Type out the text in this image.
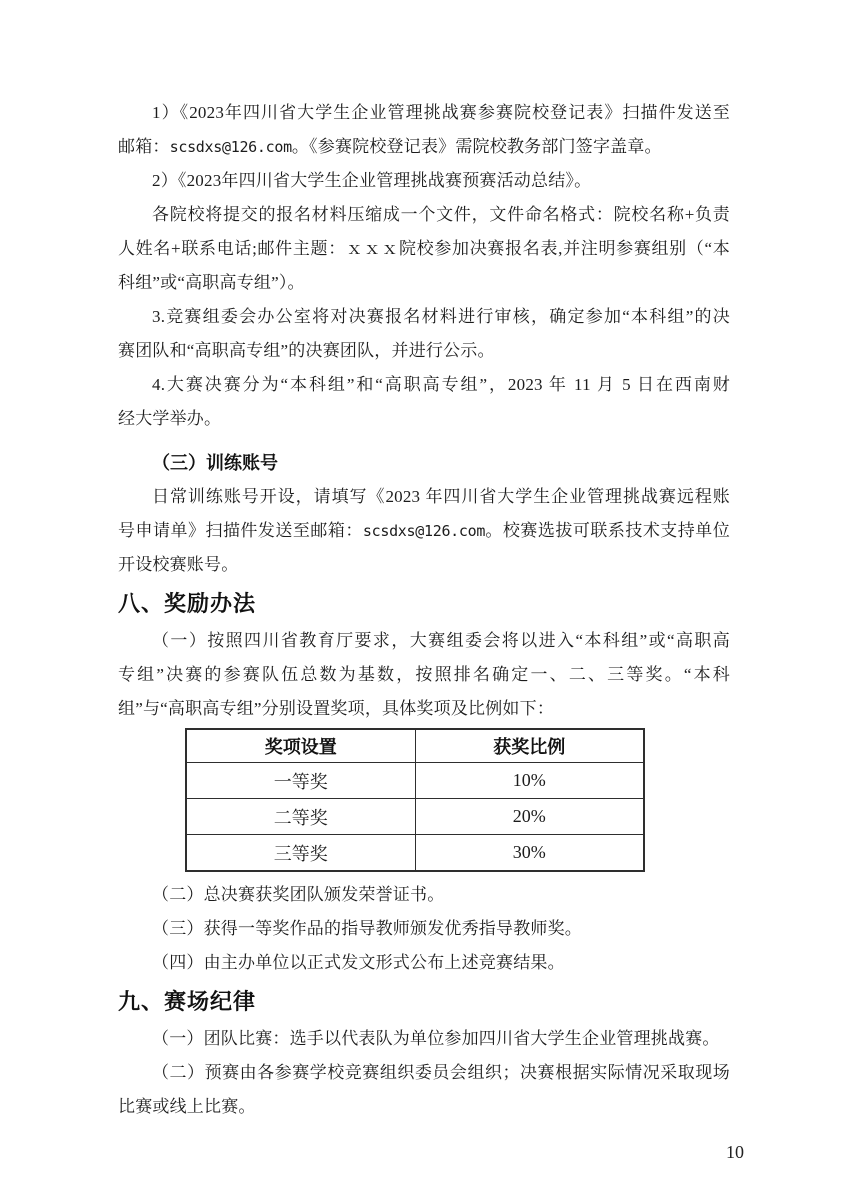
1）《2023年四川省大学生企业管理挑战赛参赛院校登记表》扫描件发送至
邮箱：scsdxs@126.com。《参赛院校登记表》需院校教务部门签字盖章。
2）《2023年四川省大学生企业管理挑战赛预赛活动总结》。
各院校将提交的报名材料压缩成一个文件，文件命名格式：院校名称+负责
人姓名+联系电话;邮件主题：ｘｘｘ院校参加决赛报名表,并注明参赛组别（“本
科组”或“高职高专组”）。
3.竞赛组委会办公室将对决赛报名材料进行审核，确定参加“本科组”的决
赛团队和“高职高专组”的决赛团队，并进行公示。
4.大赛决赛分为“本科组”和“高职高专组”，2023 年 11 月 5 日在西南财
经大学举办。
（三）训练账号
日常训练账号开设，请填写《2023 年四川省大学生企业管理挑战赛远程账
号申请单》扫描件发送至邮箱：scsdxs@126.com。校赛选拔可联系技术支持单位
开设校赛账号。
八、奖励办法
（一）按照四川省教育厅要求，大赛组委会将以进入“本科组”或“高职高
专组”决赛的参赛队伍总数为基数，按照排名确定一、二、三等奖。“本科
组”与“高职高专组”分别设置奖项，具体奖项及比例如下：
奖项设置	获奖比例
一等奖	10%
二等奖	20%
三等奖	30%
（二）总决赛获奖团队颁发荣誉证书。
（三）获得一等奖作品的指导教师颁发优秀指导教师奖。
（四）由主办单位以正式发文形式公布上述竞赛结果。
九、赛场纪律
（一）团队比赛：选手以代表队为单位参加四川省大学生企业管理挑战赛。
（二）预赛由各参赛学校竞赛组织委员会组织；决赛根据实际情况采取现场
比赛或线上比赛。
10
